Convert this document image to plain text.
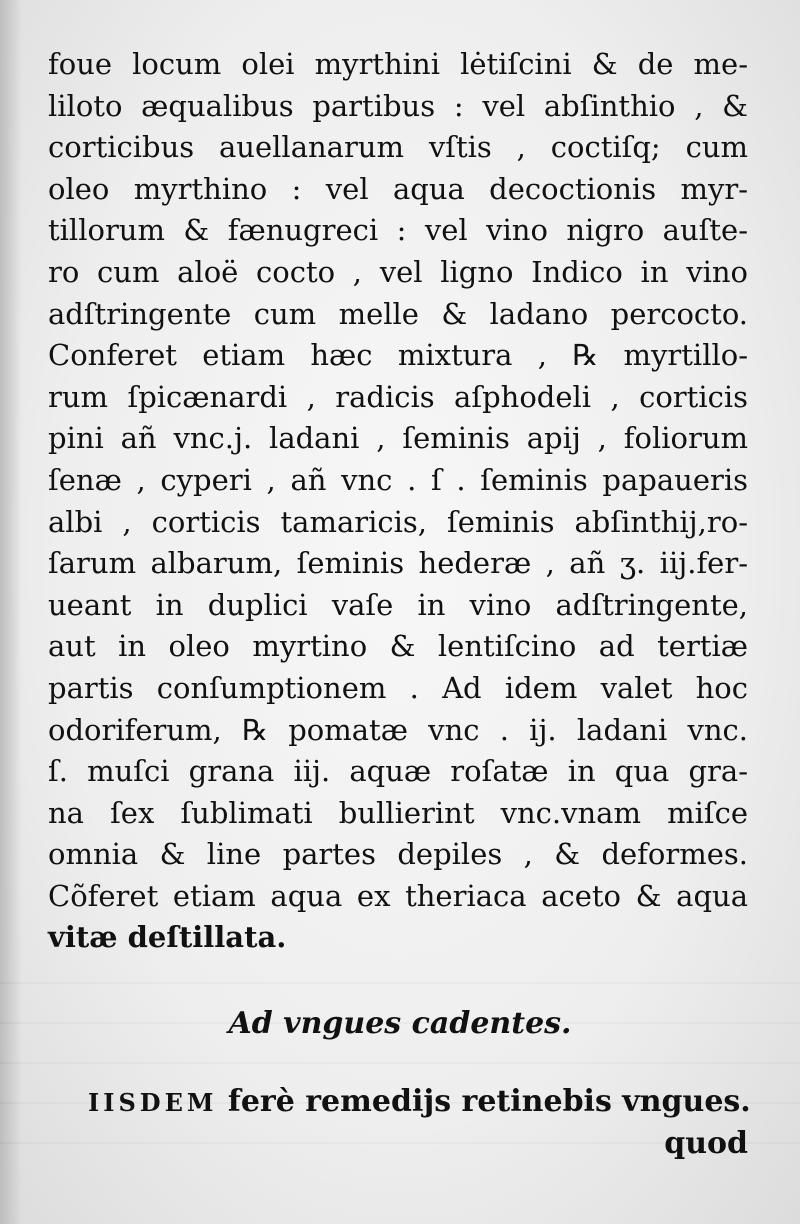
foue locum olei myrthini lėtiſcini & de me-
liloto æqualibus partibus : vel abſinthio , &
corticibus auellanarum vſtis , coctiſq; cum
oleo myrthino : vel aqua decoctionis myr-
tillorum & fænugreci : vel vino nigro auſte-
ro cum aloë cocto , vel ligno Indico in vino
adſtringente cum melle & ladano percocto.
Conferet etiam hæc mixtura , ℞ myrtillo-
rum ſpicænardi , radicis aſphodeli , corticis
pini añ vnc.j. ladani , ſeminis apij , foliorum
ſenæ , cyperi , añ vnc . ſ . ſeminis papaueris
albi , corticis tamaricis, ſeminis abſinthij,ro-
ſarum albarum, ſeminis hederæ , añ ʒ. iij.fer-
ueant in duplici vaſe in vino adſtringente,
aut in oleo myrtino & lentiſcino ad tertiæ
partis conſumptionem . Ad idem valet hoc
odoriferum, ℞ pomatæ vnc . ij. ladani vnc.
ſ. muſci grana iij. aquæ roſatæ in qua gra-
na ſex ſublimati bullierint vnc.vnam miſce
omnia & line partes depiles , & deformes.
Cõferet etiam aqua ex theriaca aceto & aqua
vitæ deſtillata.
Ad vngues cadentes.
IISDEM ferè remedijs retinebis vngues.
quod
